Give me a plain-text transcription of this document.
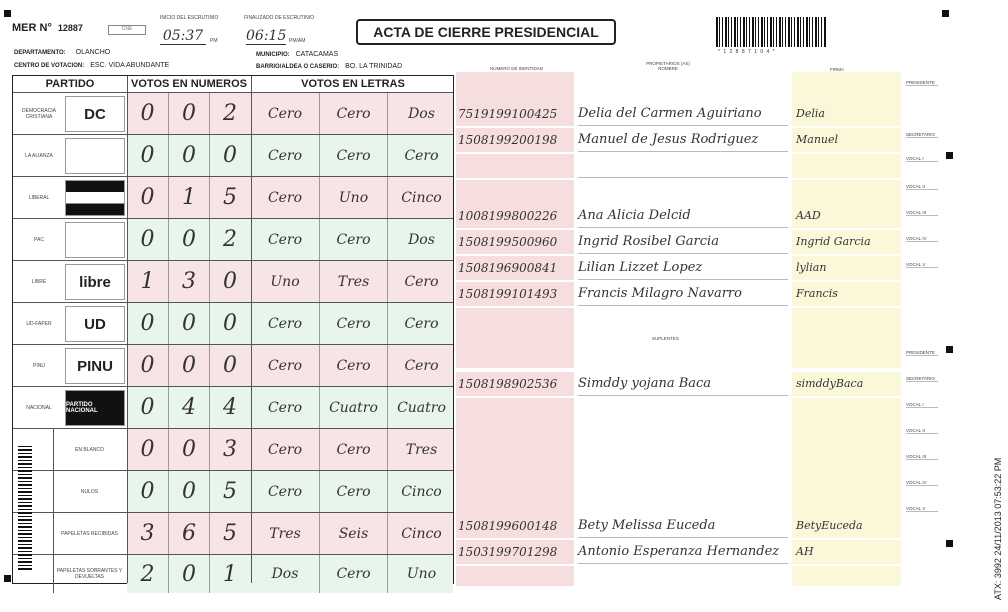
MER N° 12887	CNE
INICIO DEL ESCRUTINIO
05:37	PM
FINALIZADO DE ESCRUTINIO
06:15 PM/AM
ACTA DE CIERRE PRESIDENCIAL
* 1 2 8 8 7 1 0 4 *
DEPARTAMENTO: OLANCHO	MUNICIPIO: CATACAMAS
CENTRO DE VOTACION: ESC. VIDA ABUNDANTE	BARRIO/ALDEA O CASERIO: BO. LA TRINIDAD
PARTIDO	VOTOS EN NUMEROS	VOTOS EN LETRAS
DEMOCRACIA CRISTIANA	DC	0	0	2	Cero	Cero	Dos
LA ALIANZA	0	0	0	Cero	Cero	Cero
LIBERAL	0	1	5	Cero	Uno	Cinco
PAC	0	0	2	Cero	Cero	Dos
LIBRE	libre	1	3	0	Uno	Tres	Cero
UD-FAPER	UD	0	0	0	Cero	Cero	Cero
PINU	PINU	0	0	0	Cero	Cero	Cero
NACIONAL	PARTIDO NACIONAL	0	4	4	Cero	Cuatro	Cuatro
EN BLANCO	0	0	3	Cero	Cero	Tres
NULOS	0	0	5	Cero	Cero	Cinco
PAPELETAS RECIBIDAS	3	6	5	Tres	Seis	Cinco
PAPELETAS SOBRANTES Y DEVUELTAS	2	0	1	Dos	Cero	Uno
NUMERO DE IDENTIDAD
PROPIETARIOS (AS) NOMBRE	FIRMA
SUPLENTES
7519199100425	Delia del Carmen Aguiriano	Delia
1508199200198	Manuel de Jesus Rodriguez	Manuel
1008199800226	Ana Alicia Delcid	AAD
1508199500960	Ingrid Rosibel Garcia	Ingrid Garcia
1508196900841	Lilian Lizzet Lopez	lylian
1508199101493	Francis Milagro Navarro	Francis
1508198902536	Simddy yojana Baca	simddyBaca
1508199600148	Bety Melissa Euceda	BetyEuceda
1503199701298	Antonio Esperanza Hernandez	AH
PRESIDENTE
SECRETARIO
VOCAL I
VOCAL II
VOCAL III
VOCAL IV
VOCAL V
PRESIDENTE
SECRETARIO
VOCAL I
VOCAL II
VOCAL III
VOCAL IV
VOCAL V	ATX: 3992 24/11/2013 07:53:22 PM
